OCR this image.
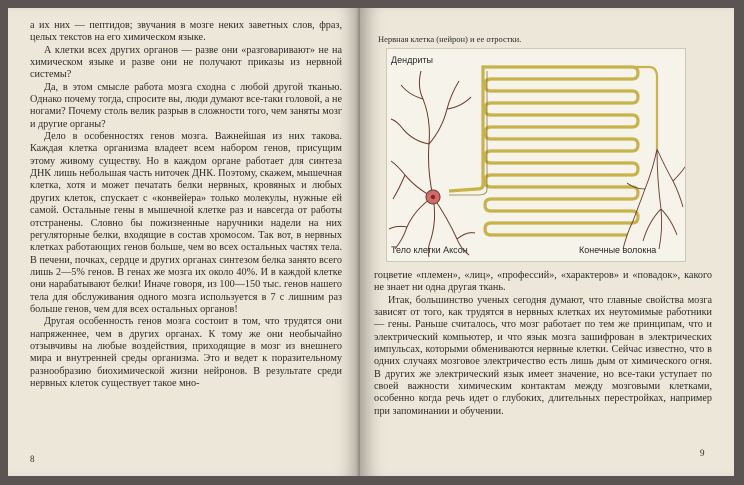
а их них — пептидов; звучания в мозге неких заветных слов, фраз, целых текстов на его химическом языке.

А клетки всех других органов — разве они «разговаривают» не на химическом языке и разве они не получают приказы из нервной системы?

Да, в этом смысле работа мозга сходна с любой другой тканью. Однако почему тогда, спросите вы, люди думают все-таки головой, а не ногами? Почему столь велик разрыв в сложности того, чем заняты мозг и другие органы?

Дело в особенностях генов мозга. Важнейшая из них такова. Каждая клетка организма владеет всем набором генов, присущим этому живому существу. Но в каждом органе работает для синтеза ДНК лишь небольшая часть ниточек ДНК. Поэтому, скажем, мышечная клетка, хотя и может печатать белки нервных, кровяных и любых других клеток, спускает с «конвейера» только молекулы, нужные ей самой. Остальные гены в мышечной клетке раз и навсегда от работы отстранены. Словно бы пожизненные наручники надели на них регуляторные белки, входящие в состав хромосом. Так вот, в нервных клетках работающих генов больше, чем во всех остальных частях тела. В печени, почках, сердце и других органах синтезом белка занято всего лишь 2—5% генов. В генах же мозга их около 40%. И в каждой клетке они нарабатывают белки! Иначе говоря, из 100—150 тыс. генов нашего тела для обслуживания одного мозга используется в 7 с лишним раз больше генов, чем для всех остальных органов!

Другая особенность генов мозга состоит в том, что трудятся они напряженнее, чем в других органах. К тому же они необычайно отзывчивы на любые воздействия, приходящие в мозг из внешнего мира и внутренней среды организма. Это и ведет к поразительному разнообразию биохимической жизни нейронов. В результате среди нервных клеток существует такое мно-

8
Нервная клетка (нейрон) и ее отростки.
Дендриты
Тело клетки Аксон	Конечные волокна

гоцветие «племен», «лиц», «профессий», «характеров» и «повадок», какого не знает ни одна другая ткань.

Итак, большинство ученых сегодня думают, что главные свойства мозга зависят от того, как трудятся в нервных клетках их неутомимые работники — гены. Раньше считалось, что мозг работает по тем же принципам, что и электрический компьютер, и что язык мозга зашифрован в электрических импульсах, которыми обмениваются нервные клетки. Сейчас известно, что в одних случаях мозговое электричество есть лишь дым от химического огня. В других же электрический язык имеет значение, но все-таки уступает по своей важности химическим контактам между мозговыми клетками, особенно когда речь идет о глубоких, длительных перестройках, например при запоминании и обучении.

9
